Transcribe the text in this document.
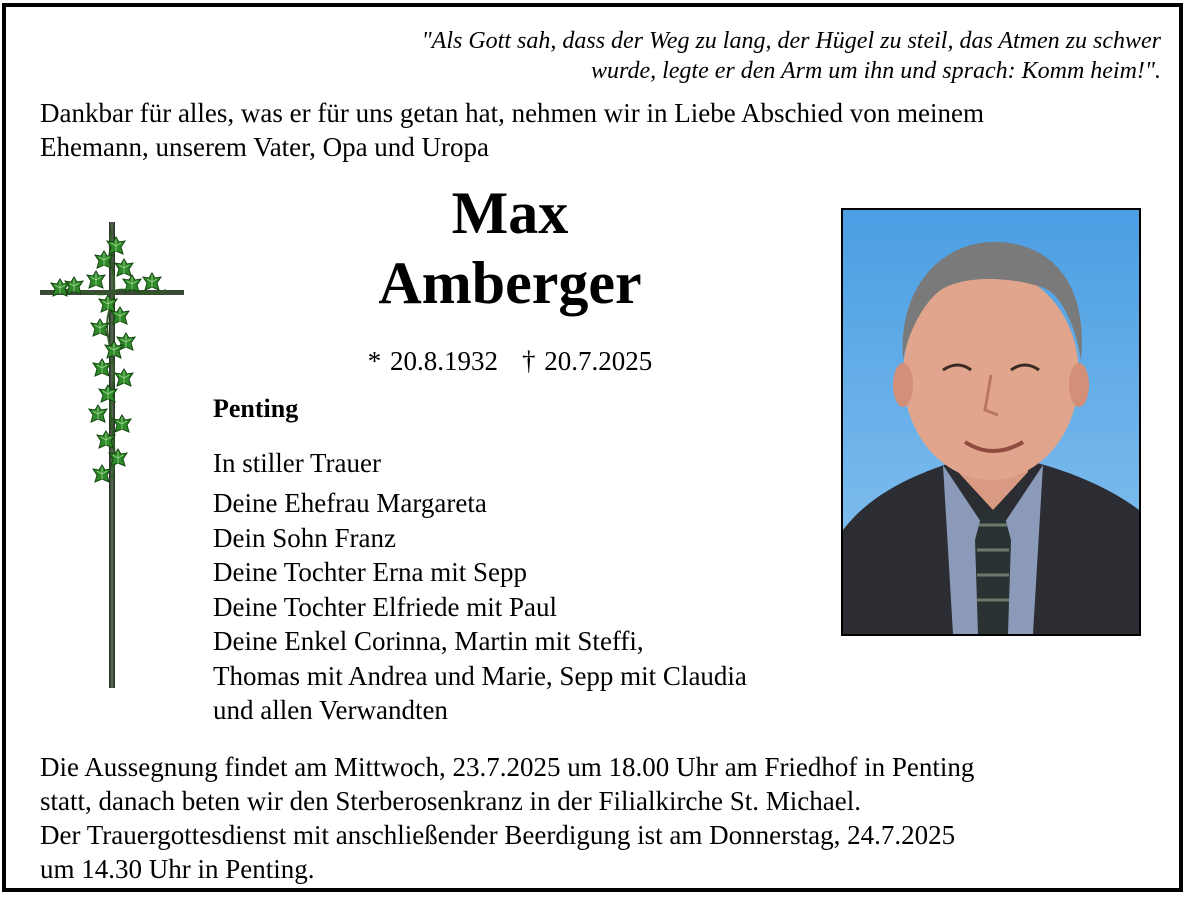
"Als Gott sah, dass der Weg zu lang, der Hügel zu steil, das Atmen zu schwer
wurde, legte er den Arm um ihn und sprach: Komm heim!".
Dankbar für alles, was er für uns getan hat, nehmen wir in Liebe Abschied von meinem
Ehemann, unserem Vater, Opa und Uropa
Max
Amberger
* 20.8.1932 † 20.7.2025
Penting
In stiller Trauer
Deine Ehefrau Margareta
Dein Sohn Franz
Deine Tochter Erna mit Sepp
Deine Tochter Elfriede mit Paul
Deine Enkel Corinna, Martin mit Steffi,
Thomas mit Andrea und Marie, Sepp mit Claudia
und allen Verwandten
Die Aussegnung findet am Mittwoch, 23.7.2025 um 18.00 Uhr am Friedhof in Penting
statt, danach beten wir den Sterberosenkranz in der Filialkirche St. Michael.
Der Trauergottesdienst mit anschließender Beerdigung ist am Donnerstag, 24.7.2025
um 14.30 Uhr in Penting.
